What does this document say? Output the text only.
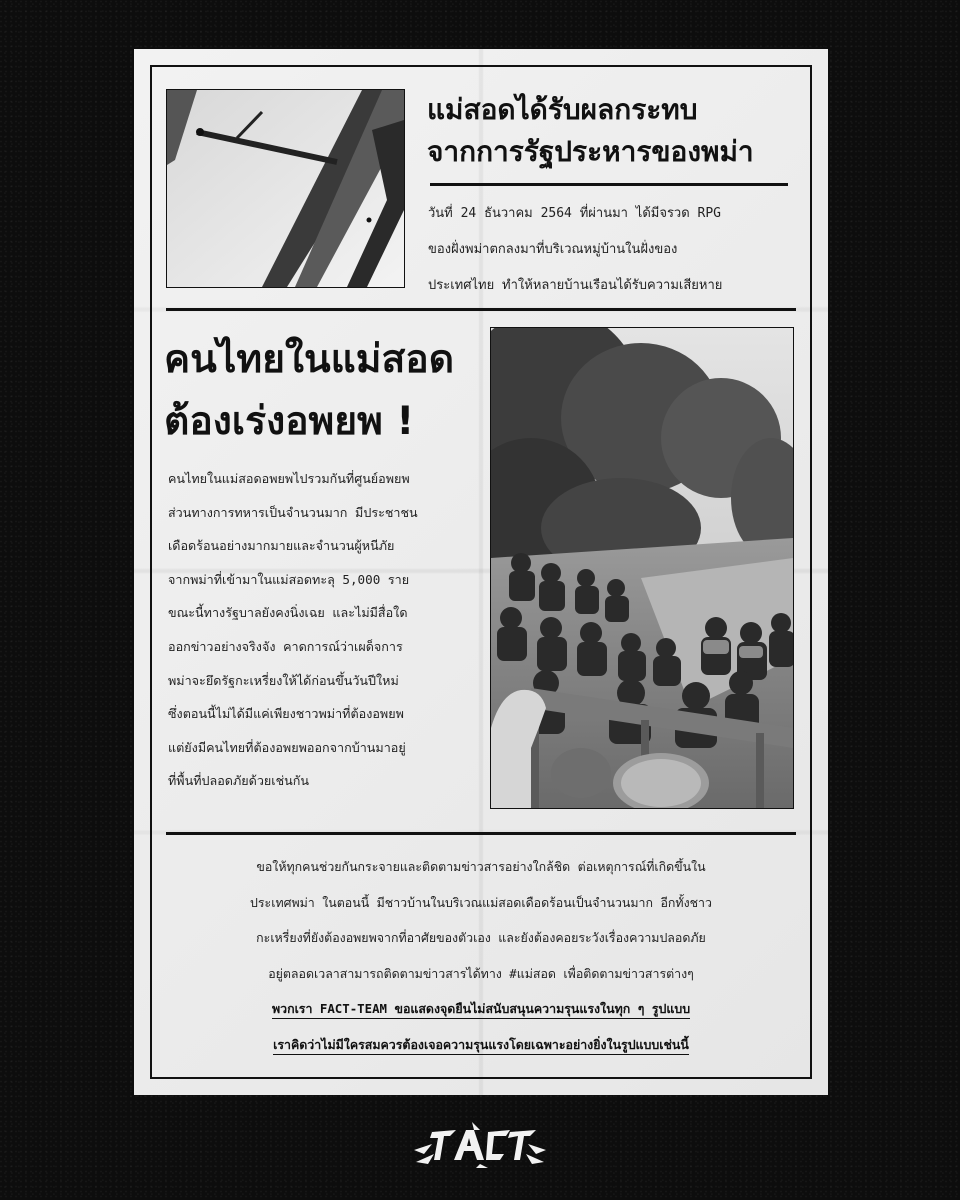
แม่สอดได้รับผลกระทบ
จากการรัฐประหารของพม่า
วันที่ 24 ธันวาคม 2564 ที่ผ่านมา ได้มีจรวด RPG
ของฝั่งพม่าตกลงมาที่บริเวณหมู่บ้านในฝั่งของ
ประเทศไทย ทำให้หลายบ้านเรือนได้รับความเสียหาย
คนไทยในแม่สอด
ต้องเร่งอพยพ !
คนไทยในแม่สอดอพยพไปรวมกันที่ศูนย์อพยพ
ส่วนทางการทหารเป็นจำนวนมาก มีประชาชน
เดือดร้อนอย่างมากมายและจำนวนผู้หนีภัย
จากพม่าที่เข้ามาในแม่สอดทะลุ 5,000 ราย
ขณะนี้ทางรัฐบาลยังคงนิ่งเฉย และไม่มีสื่อใด
ออกข่าวอย่างจริงจัง คาดการณ์ว่าเผด็จการ
พม่าจะยึดรัฐกะเหรี่ยงให้ได้ก่อนขึ้นวันปีใหม่
ซึ่งตอนนี้ไม่ได้มีแค่เพียงชาวพม่าที่ต้องอพยพ
แต่ยังมีคนไทยที่ต้องอพยพออกจากบ้านมาอยู่
ที่พื้นที่ปลอดภัยด้วยเช่นกัน
ขอให้ทุกคนช่วยกันกระจายและติดตามข่าวสารอย่างใกล้ชิด ต่อเหตุการณ์ที่เกิดขึ้นใน
ประเทศพม่า ในตอนนี้ มีชาวบ้านในบริเวณแม่สอดเดือดร้อนเป็นจำนวนมาก อีกทั้งชาว
กะเหรี่ยงที่ยังต้องอพยพจากที่อาศัยของตัวเอง และยังต้องคอยระวังเรื่องความปลอดภัย
อยู่ตลอดเวลาสามารถติดตามข่าวสารได้ทาง #แม่สอด เพื่อติดตามข่าวสารต่างๆ
พวกเรา FACT-TEAM ขอแสดงจุดยืนไม่สนับสนุนความรุนแรงในทุก ๆ รูปแบบ
เราคิดว่าไม่มีใครสมควรต้องเจอความรุนแรงโดยเฉพาะอย่างยิ่งในรูปแบบเช่นนี้
